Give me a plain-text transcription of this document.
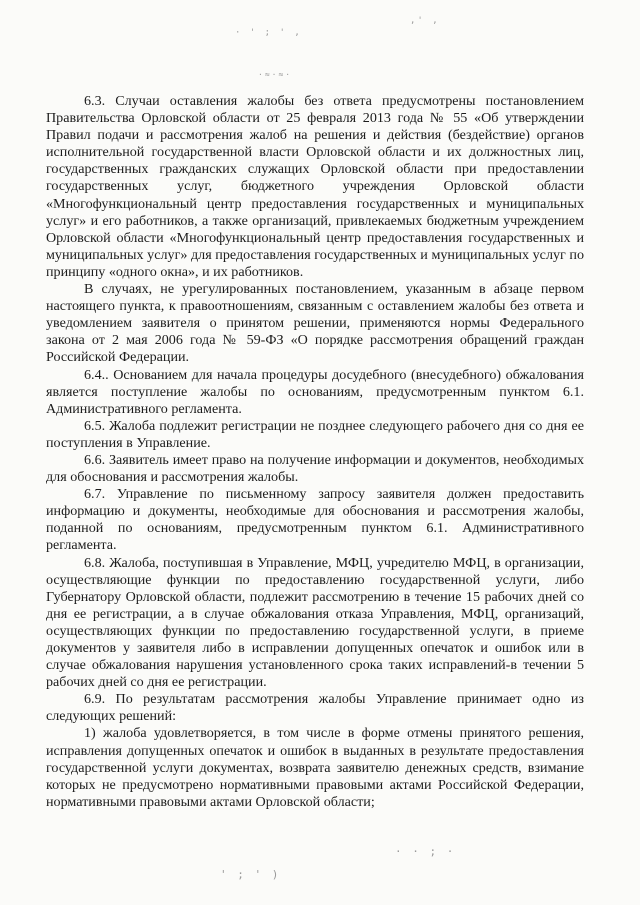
· ' ; ' ,
·≈·≈·
,' ,
· · ; ·
' ; ' )

6.3. Случаи оставления жалобы без ответа предусмотрены постановлением Правительства Орловской области от 25 февраля 2013 года № 55 «Об утверждении Правил подачи и рассмотрения жалоб на решения и действия (бездействие) органов исполнительной государственной власти Орловской области и их должностных лиц, государственных гражданских служащих Орловской области при предоставлении государственных услуг, бюджетного учреждения Орловской области «Многофункциональный центр предоставления государственных и муниципальных услуг» и его работников, а также организаций, привлекаемых бюджетным учреждением Орловской области «Многофункциональный центр предоставления государственных и муниципальных услуг» для предоставления государственных и муниципальных услуг по принципу «одного окна», и их работников.

В случаях, не урегулированных постановлением, указанным в абзаце первом настоящего пункта, к правоотношениям, связанным с оставлением жалобы без ответа и уведомлением заявителя о принятом решении, применяются нормы Федерального закона от 2 мая 2006 года № 59-ФЗ «О порядке рассмотрения обращений граждан Российской Федерации.

6.4.. Основанием для начала процедуры досудебного (внесудебного) обжалования является поступление жалобы по основаниям, предусмотренным пунктом 6.1. Административного регламента.

6.5. Жалоба подлежит регистрации не позднее следующего рабочего дня со дня ее поступления в Управление.

6.6. Заявитель имеет право на получение информации и документов, необходимых для обоснования и рассмотрения жалобы.

6.7. Управление по письменному запросу заявителя должен предоставить информацию и документы, необходимые для обоснования и рассмотрения жалобы, поданной по основаниям, предусмотренным пунктом 6.1. Административного регламента.

6.8. Жалоба, поступившая в Управление, МФЦ, учредителю МФЦ, в организации, осуществляющие функции по предоставлению государственной услуги, либо Губернатору Орловской области, подлежит рассмотрению в течение 15 рабочих дней со дня ее регистрации, а в случае обжалования отказа Управления, МФЦ, организаций, осуществляющих функции по предоставлению государственной услуги, в приеме документов у заявителя либо в исправлении допущенных опечаток и ошибок или в случае обжалования нарушения установленного срока таких исправлений-в течении 5 рабочих дней со дня ее регистрации.

6.9. По результатам рассмотрения жалобы Управление принимает одно из следующих решений:

1) жалоба удовлетворяется, в том числе в форме отмены принятого решения, исправления допущенных опечаток и ошибок в выданных в результате предоставления государственной услуги документах, возврата заявителю денежных средств, взимание которых не предусмотрено нормативными правовыми актами Российской Федерации, нормативными правовыми актами Орловской области;
